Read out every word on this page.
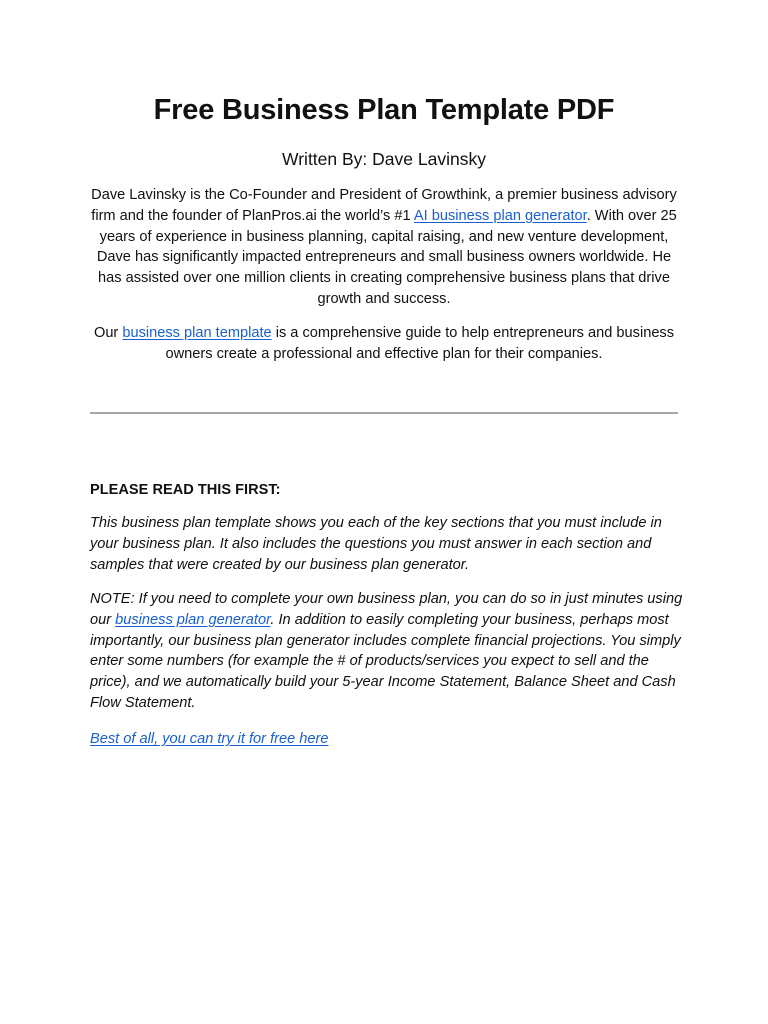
Free Business Plan Template PDF
Written By: Dave Lavinsky
Dave Lavinsky is the Co-Founder and President of Growthink, a premier business advisory firm and the founder of PlanPros.ai the world’s #1 AI business plan generator. With over 25 years of experience in business planning, capital raising, and new venture development, Dave has significantly impacted entrepreneurs and small business owners worldwide. He has assisted over one million clients in creating comprehensive business plans that drive growth and success.
Our business plan template is a comprehensive guide to help entrepreneurs and business owners create a professional and effective plan for their companies.
PLEASE READ THIS FIRST:
This business plan template shows you each of the key sections that you must include in your business plan. It also includes the questions you must answer in each section and samples that were created by our business plan generator.
NOTE: If you need to complete your own business plan, you can do so in just minutes using our business plan generator. In addition to easily completing your business, perhaps most importantly, our business plan generator includes complete financial projections. You simply enter some numbers (for example the # of products/services you expect to sell and the price), and we automatically build your 5-year Income Statement, Balance Sheet and Cash Flow Statement.
Best of all, you can try it for free here
